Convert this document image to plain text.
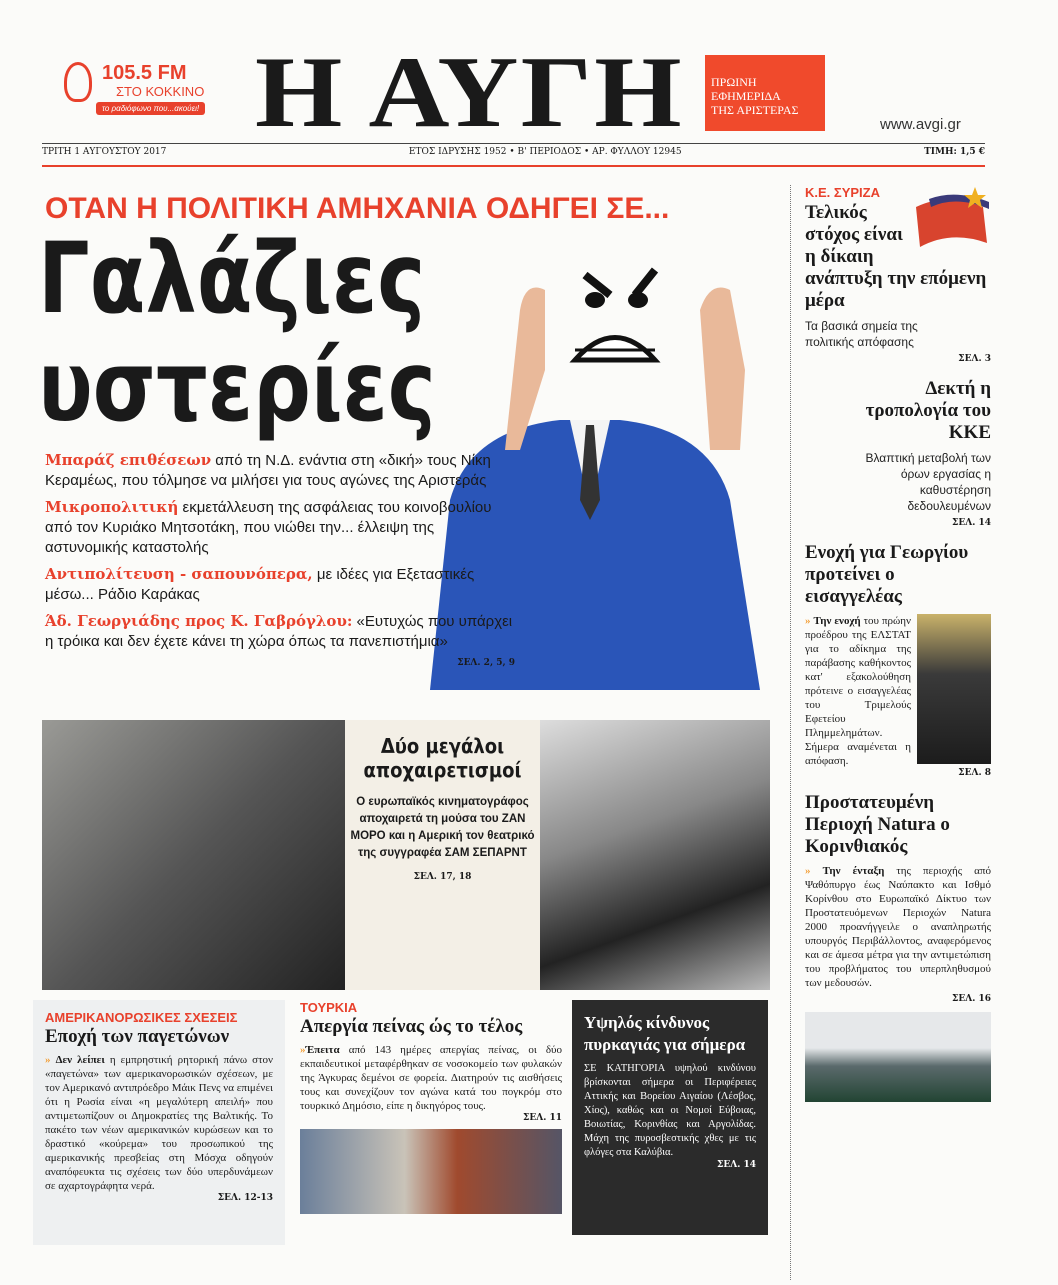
105.5 FM
ΣΤΟ ΚΟΚΚΙΝΟ
το ραδιόφωνο που...ακούει! Η ΑΥΓΗ ΠΡΩΙΝΗ
ΕΦΗΜΕΡΙΔΑ
ΤΗΣ ΑΡΙΣΤΕΡΑΣ
www.avgi.gr
ΤΡΙΤΗ 1 ΑΥΓΟΥΣΤΟΥ 2017	ΕΤΟΣ ΙΔΡΥΣΗΣ 1952 • Β' ΠΕΡΙΟΔΟΣ • ΑΡ. ΦΥΛΛΟΥ 12945	ΤΙΜΗ: 1,5 €
ΟΤΑΝ Η ΠΟΛΙΤΙΚΗ ΑΜΗΧΑΝΙΑ ΟΔΗΓΕΙ ΣΕ...
Γαλάζιες
υστερίες

Μπαράζ επιθέσεων από τη Ν.Δ. ενάντια στη «δική» τους Νίκη Κεραμέως, που τόλμησε να μιλήσει για τους αγώνες της Αριστεράς

Μικροπολιτική εκμετάλλευση της ασφάλειας του κοινοβουλίου από τον Κυριάκο Μητσοτάκη, που νιώθει την... έλλειψη της αστυνομικής καταστολής

Αντιπολίτευση - σαπουνόπερα, με ιδέες για Εξεταστικές μέσω... Ράδιο Καράκας

Άδ. Γεωργιάδης προς Κ. Γαβρόγλου: «Ευτυχώς που υπάρχει η τρόικα και δεν έχετε κάνει τη χώρα όπως τα πανεπιστήμια»

ΣΕΛ. 2, 5, 9
Κ.Ε. ΣΥΡΙΖΑ
Τελικός στόχος είναι η δίκαιη ανάπτυξη την επόμενη μέρα
Τα βασικά σημεία της πολιτικής απόφασης
ΣΕΛ. 3
Δεκτή η τροπολογία του ΚΚΕ
Βλαπτική μεταβολή των όρων εργασίας η καθυστέρηση δεδουλευμένων
ΣΕΛ. 14
Ενοχή για Γεωργίου προτείνει ο εισαγγελέας
» Την ενοχή του πρώην προέδρου της ΕΛΣΤΑΤ για το αδίκημα της παράβασης καθήκοντος κατ' εξακολούθηση πρότεινε ο εισαγγελέας του Τριμελούς Εφετείου Πλημμελημάτων. Σήμερα αναμένεται η απόφαση.
ΣΕΛ. 8
Προστατευμένη Περιοχή Natura ο Κορινθιακός
» Την ένταξη της περιοχής από Ψαθόπυργο έως Ναύπακτο και Ισθμό Κορίνθου στο Ευρωπαϊκό Δίκτυο των Προστατευόμενων Περιοχών Natura 2000 προανήγγειλε ο αναπληρωτής υπουργός Περιβάλλοντος, αναφερόμενος και σε άμεσα μέτρα για την αντιμετώπιση του προβλήματος του υπερπληθυσμού των μεδουσών.
ΣΕΛ. 16
Δύο μεγάλοι αποχαιρετισμοί

Ο ευρωπαϊκός κινηματογράφος αποχαιρετά τη μούσα του ΖΑΝ ΜΟΡΟ και η Αμερική τον θεατρικό της συγγραφέα ΣΑΜ ΣΕΠΑΡΝΤ

ΣΕΛ. 17, 18
ΑΜΕΡΙΚΑΝΟΡΩΣΙΚΕΣ ΣΧΕΣΕΙΣ
Εποχή των παγετώνων
» Δεν λείπει η εμπρηστική ρητορική πάνω στον «παγετώνα» των αμερικανορωσικών σχέσεων, με τον Αμερικανό αντιπρόεδρο Μάικ Πενς να επιμένει ότι η Ρωσία είναι «η μεγαλύτερη απειλή» που αντιμετωπίζουν οι Δημοκρατίες της Βαλτικής. Το πακέτο των νέων αμερικανικών κυρώσεων και το δραστικό «κούρεμα» του προσωπικού της αμερικανικής πρεσβείας στη Μόσχα οδηγούν αναπόφευκτα τις σχέσεις των δύο υπερδυνάμεων σε αχαρτογράφητα νερά.
ΣΕΛ. 12-13
ΤΟΥΡΚΙΑ
Απεργία πείνας ώς το τέλος
»Έπειτα από 143 ημέρες απεργίας πείνας, οι δύο εκπαιδευτικοί μεταφέρθηκαν σε νοσοκομείο των φυλακών της Άγκυρας δεμένοι σε φορεία. Διατηρούν τις αισθήσεις τους και συνεχίζουν τον αγώνα κατά του πογκρόμ στο τουρκικό Δημόσιο, είπε η δικηγόρος τους.
ΣΕΛ. 11
Υψηλός κίνδυνος πυρκαγιάς για σήμερα
ΣΕ ΚΑΤΗΓΟΡΙΑ υψηλού κινδύνου βρίσκονται σήμερα οι Περιφέρειες Αττικής και Βορείου Αιγαίου (Λέσβος, Χίος), καθώς και οι Νομοί Εύβοιας, Βοιωτίας, Κορινθίας και Αργολίδας. Μάχη της πυροσβεστικής χθες με τις φλόγες στα Καλύβια.
ΣΕΛ. 14
